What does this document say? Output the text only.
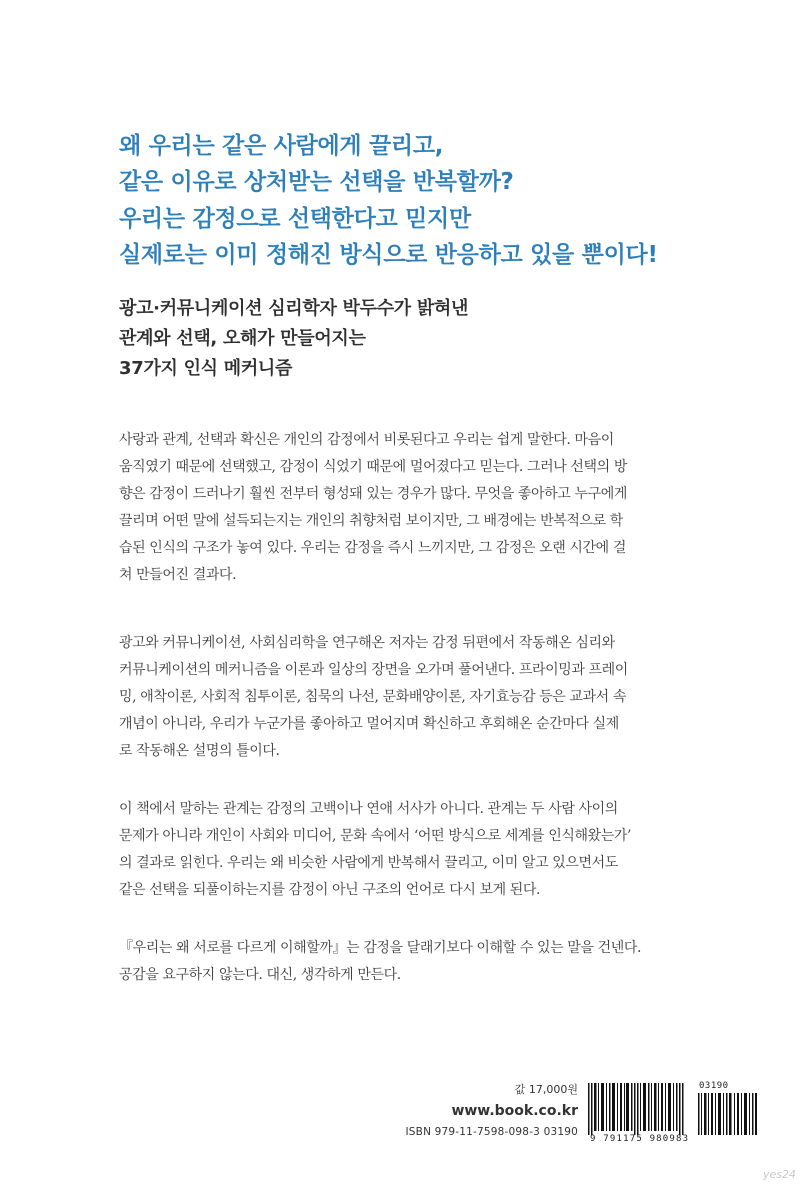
왜 우리는 같은 사람에게 끌리고,
같은 이유로 상처받는 선택을 반복할까?
우리는 감정으로 선택한다고 믿지만
실제로는 이미 정해진 방식으로 반응하고 있을 뿐이다!
광고·커뮤니케이션 심리학자 박두수가 밝혀낸
관계와 선택, 오해가 만들어지는
37가지 인식 메커니즘
사랑과 관계, 선택과 확신은 개인의 감정에서 비롯된다고 우리는 쉽게 말한다. 마음이
움직였기 때문에 선택했고, 감정이 식었기 때문에 멀어졌다고 믿는다. 그러나 선택의 방
향은 감정이 드러나기 훨씬 전부터 형성돼 있는 경우가 많다. 무엇을 좋아하고 누구에게
끌리며 어떤 말에 설득되는지는 개인의 취향처럼 보이지만, 그 배경에는 반복적으로 학
습된 인식의 구조가 놓여 있다. 우리는 감정을 즉시 느끼지만, 그 감정은 오랜 시간에 걸
쳐 만들어진 결과다.
광고와 커뮤니케이션, 사회심리학을 연구해온 저자는 감정 뒤편에서 작동해온 심리와
커뮤니케이션의 메커니즘을 이론과 일상의 장면을 오가며 풀어낸다. 프라이밍과 프레이
밍, 애착이론, 사회적 침투이론, 침묵의 나선, 문화배양이론, 자기효능감 등은 교과서 속
개념이 아니라, 우리가 누군가를 좋아하고 멀어지며 확신하고 후회해온 순간마다 실제
로 작동해온 설명의 틀이다.
이 책에서 말하는 관계는 감정의 고백이나 연애 서사가 아니다. 관계는 두 사람 사이의
문제가 아니라 개인이 사회와 미디어, 문화 속에서 ‘어떤 방식으로 세계를 인식해왔는가’
의 결과로 읽힌다. 우리는 왜 비슷한 사람에게 반복해서 끌리고, 이미 알고 있으면서도
같은 선택을 되풀이하는지를 감정이 아닌 구조의 언어로 다시 보게 된다.
『우리는 왜 서로를 다르게 이해할까』는 감정을 달래기보다 이해할 수 있는 말을 건넨다.
공감을 요구하지 않는다. 대신, 생각하게 만든다.
값 17,000원
www.book.co.kr
ISBN 979-11-7598-098-3 03190
03190
9 791175 980983
yes24
